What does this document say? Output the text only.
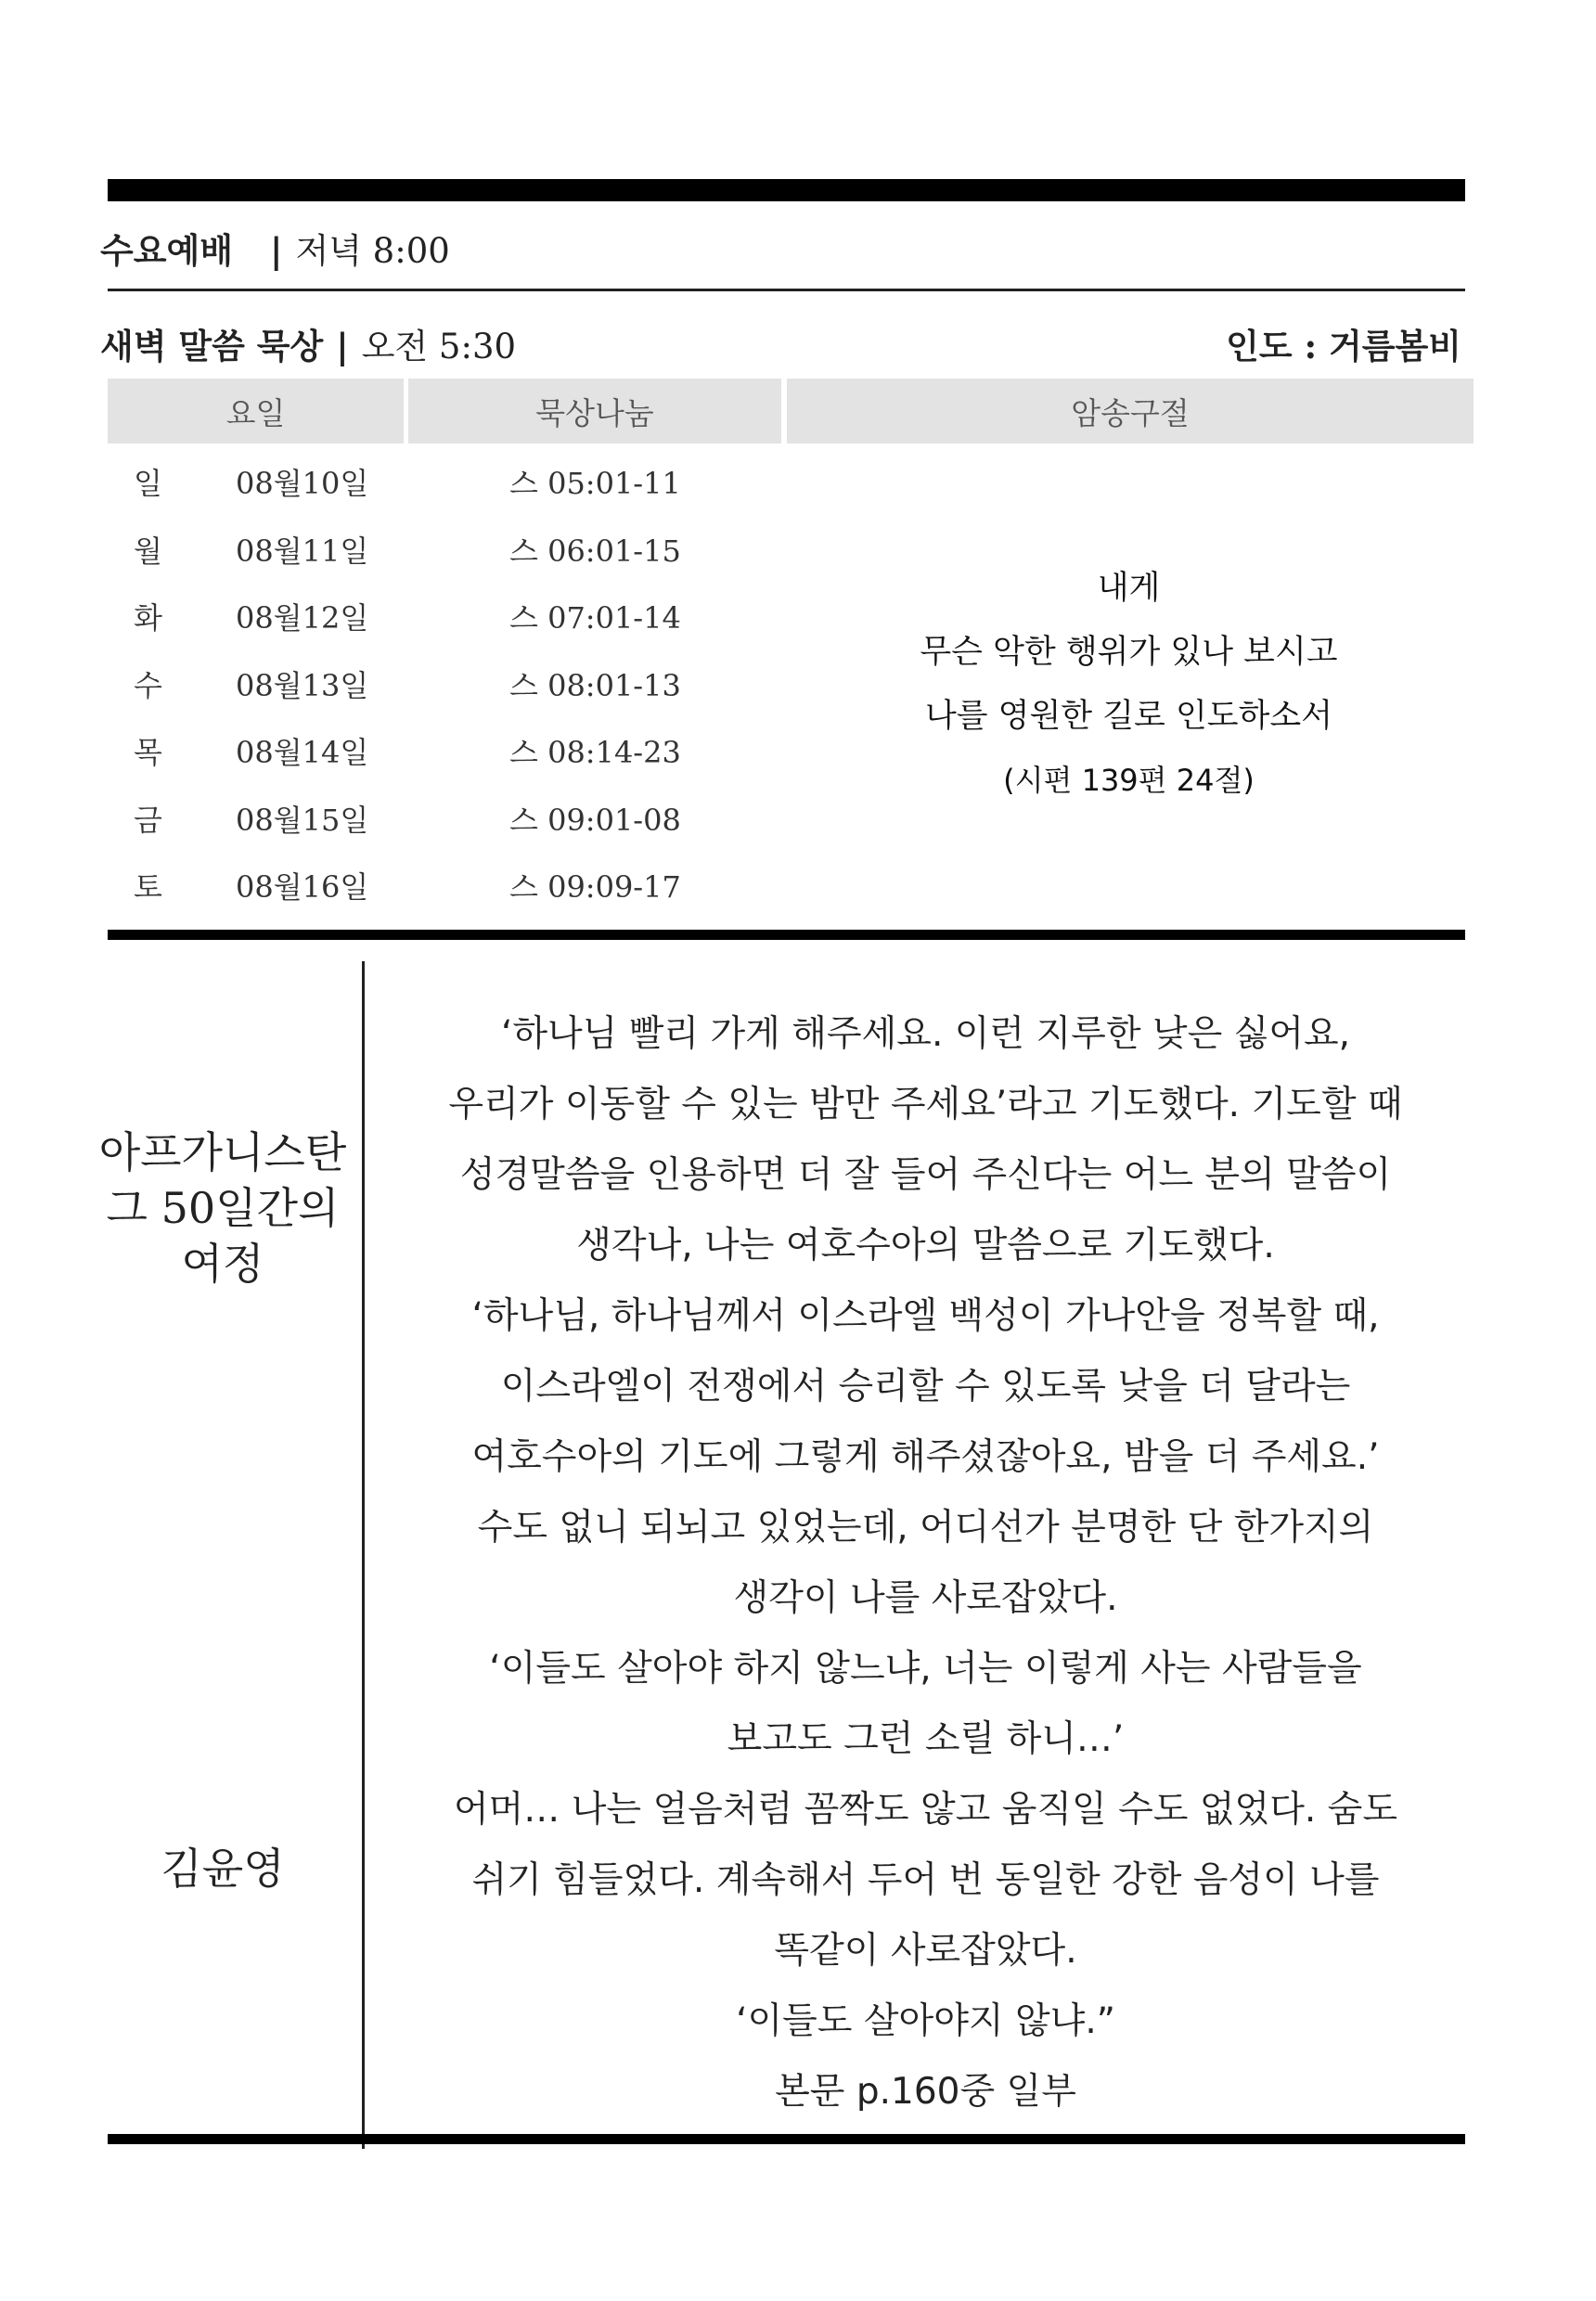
수요예배 | 저녁 8:00
새벽 말씀 묵상 | 오전 5:30	인도 : 거름봄비
요일	묵상나눔	암송구절
일 08월10일	스 05:01-11
월 08월11일	스 06:01-15
화 08월12일	스 07:01-14
수 08월13일	스 08:01-13
목 08월14일	스 08:14-23
금 08월15일	스 09:01-08
토 08월16일	스 09:09-17
내게
무슨 악한 행위가 있나 보시고
나를 영원한 길로 인도하소서
(시편 139편 24절)
아프가니스탄
그 50일간의
여정
김윤영
‘하나님 빨리 가게 해주세요. 이런 지루한 낮은 싫어요,
우리가 이동할 수 있는 밤만 주세요’라고 기도했다. 기도할 때
성경말씀을 인용하면 더 잘 들어 주신다는 어느 분의 말씀이
생각나, 나는 여호수아의 말씀으로 기도했다.
‘하나님, 하나님께서 이스라엘 백성이 가나안을 정복할 때,
이스라엘이 전쟁에서 승리할 수 있도록 낮을 더 달라는
여호수아의 기도에 그렇게 해주셨잖아요, 밤을 더 주세요.’
수도 없니 되뇌고 있었는데, 어디선가 분명한 단 한가지의
생각이 나를 사로잡았다.
‘이들도 살아야 하지 않느냐, 너는 이렇게 사는 사람들을
보고도 그런 소릴 하니…’
어머… 나는 얼음처럼 꼼짝도 않고 움직일 수도 없었다. 숨도
쉬기 힘들었다. 계속해서 두어 번 동일한 강한 음성이 나를
똑같이 사로잡았다.
‘이들도 살아야지 않냐.”
본문 p.160중 일부
